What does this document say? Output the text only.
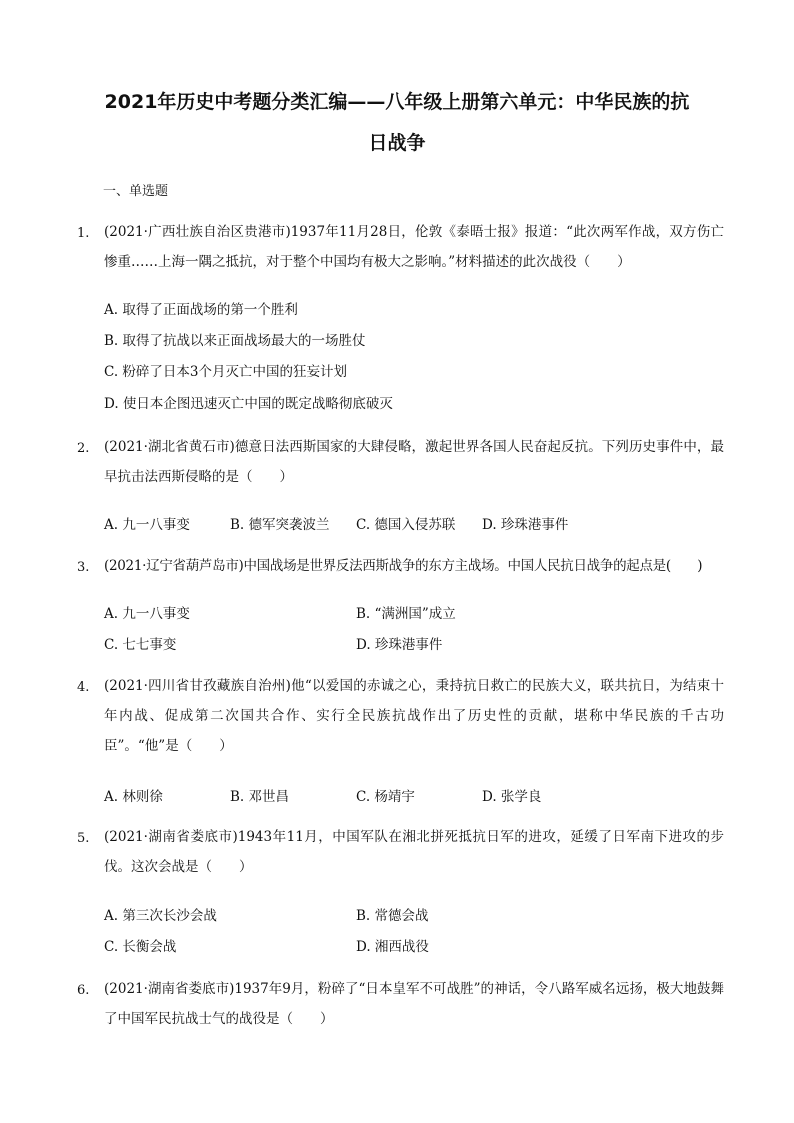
2021年历史中考题分类汇编——八年级上册第六单元：中华民族的抗
日战争
一、单选题
1. (2021·广西壮族自治区贵港市)1937年11月28日，伦敦《泰晤士报》报道：“此次两军作战，双方伤亡惨重……上海一隅之抵抗，对于整个中国均有极大之影响。”材料描述的此次战役（　　）
A. 取得了正面战场的第一个胜利
B. 取得了抗战以来正面战场最大的一场胜仗
C. 粉碎了日本3个月灭亡中国的狂妄计划
D. 使日本企图迅速灭亡中国的既定战略彻底破灭
2. (2021·湖北省黄石市)德意日法西斯国家的大肆侵略，激起世界各国人民奋起反抗。下列历史事件中，最早抗击法西斯侵略的是（　　）
A. 九一八事变	B. 德军突袭波兰 C. 德国入侵苏联 D. 珍珠港事件
3. (2021·辽宁省葫芦岛市)中国战场是世界反法西斯战争的东方主战场。中国人民抗日战争的起点是(　　)
A. 九一八事变	B. “满洲国”成立
C. 七七事变	D. 珍珠港事件
4. (2021·四川省甘孜藏族自治州)他“以爱国的赤诚之心，秉持抗日救亡的民族大义，联共抗日，为结束十年内战、促成第二次国共合作、实行全民族抗战作出了历史性的贡献，堪称中华民族的千古功臣”。“他”是（　　）
A. 林则徐	B. 邓世昌	C. 杨靖宇	D. 张学良
5. (2021·湖南省娄底市)1943年11月，中国军队在湘北拼死抵抗日军的进攻，延缓了日军南下进攻的步伐。这次会战是（　　）
A. 第三次长沙会战	B. 常德会战
C. 长衡会战	D. 湘西战役
6. (2021·湖南省娄底市)1937年9月，粉碎了“日本皇军不可战胜”的神话，令八路军威名远扬，极大地鼓舞了中国军民抗战士气的战役是（　　）
